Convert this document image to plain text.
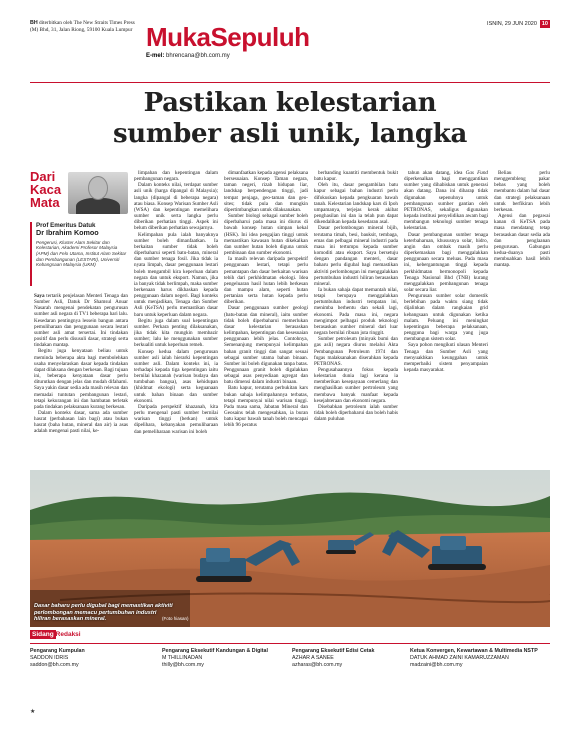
BH diterbitkan oleh The New Straits Times Press (M) Bhd, 31, Jalan Riong, 59100 Kuala Lumpur MukaSepuluh
E-mel: bhrencana@bh.com.my
ISNIN, 29 JUN 2020 10
Pastikan kelestarian
sumber asli unik, langka
Dari
Kaca
Mata
Prof Emeritus Datuk
Dr Ibrahim Komoo
Pengerusi, Kluster Alam Sekitar dan Kelestarian, Akademi Profesor Malaysia (APM) dan Felo Utama, Institut Alam Sekitar dan Pembangunan (LESTARI), Universiti Kebangsaan Malaysia (UKM)

Saya tertarik penjelasan Menteri Tenaga dan Sumber Asli, Datuk Dr Shamsul Anuar Nasarah mengenai pendekatan pengurusan sumber asli negara di TV1 beberapa hari lalu. Kesedaran pentingnya lessein bangun antara pemuliharaan dan penggunaan secara lestari sumber asli amat tersertai. Ini tindakan positif dan perlu disusuli dasar, strategi serta tindakan mantap.

Begitu juga kenyataan beliau untuk meminda beberapa akta bagi membolehkan usaha menyelaraskan dasar kepada tindakan dapat dilaksana dengan berkesan. Bagi tujuan ini, beberapa kenyataan dasar perlu diturutkan dengan jelas dan mudah difahami. Saya yakin dasar sedia ada masih relevan dan memadai tuntutan pembangunan lestari, tetapi kekurangan ini dan hambatan terletak pada tindakan pelaksanaan kurang berkesan.

Dalam konteks dasar, sama ada sumber hasrat (perbahasan lain bagi) atau bukan hasrat (baha hutan, mineral dan air) ia asas adalah mengenai pasti nilai, ke-

limpahan dan kepentingan dalam pembangunan negara.

Dalam konteks nilai, terdapat sumber asli unik (harga dipangal di Malaysia); langka (dipangal di beberapa negara) atau biasa. Konsep Warisan Sumber Asli (WSA) dan kepentingan memelihara sumber unik serta langka perlu diberikan perhatian tinggi. Aspek ini belum diberikan perhatian sewajarnya.

Kelimpahan pula ialah banyaknya sumber boleh dimanfaatkan. Ia berkaitan sumber tidak boleh diperbaharui seperti batu-batan, mineral dan sumber tenaga fosil. Jika tidak ia nyata limpah, dasar penggunaan lestari boleh mengambil kira keperluan dalam negara dan untuk eksport. Namun, jika ia banyak tidak berlimpah, maka sumber berkenaan harus dikhaskan kepada penggunaan dalam negeri. Bagi konteks untuk menjadikan, Tenaga dan Sumber Asli (KeTSA) perlu memastikan dasar baru untuk keperluan dalam negara.

Begitu juga dalam soal kepentingan sumber. Perkara penting dilaksanakan, jika tidak kita mungkin membazir sumber; lalu ke menggunakan sumber berkualiti untuk keperluan remeh.

Konsep kedua dalam pengurusan sumber asli ialah hierarki kepentingan sumber asli. Dalam konteks ini, ia terhadapi kepada tiga kepentingan iaitu bernilai khazanah (warisan budaya dan tumbuhan bangsa), asas kehidupan (khidmat ekologi) serta keguanaan untuk bahan binaan dan sumber ekonomi.

Daripada perspektif khazanah, kita perlu mengenal pasti sumber bernilai warisan tinggi (berkan) untuk dipelihara, kebanyakan pemuliharaan dan pemeliharaan warisan ini boleh

dimanfaatkan kepada agensi pelaksana bersesuaian. Konsep Taman negara, taman negeri, rizab hidupan liar, landskap berpendengan tinggi, jadi tempat penjaga, geo-taman dan geo-sites; tidak pula dan mungkin dipertimbangkan untuk dilaksanakan.

Sumber biologi sebagai sumber boleh diperbaharui pada masa ini diurus di bawah konsep hutan simpan kekal (HSK). Ini idea pengajian tinggi untuk memastikan kawasan hutan dikekalkan dan sumber hutan boleh diguna untuk pembinaan dan sumber ekonomi.

Ia masih relevan daripada perspektif penggunaan lestari, tetapi perlu pemantapan dan dasar berkaitan warisan tebih dari perkhidmatan ekologi. Idea pengeluaran hasil hutan lebih berkesan dan mampu alam, seperti hutan pertanian serta hutan kepada perlu diberikan.

Dasar penggunaan sumber geologi (batu-batan dan mineral), iaitu sumber tidak boleh diperbaharui memerlukan dasar kelestarian berasaskan kelimpahan, kepentingan dan kesesuaian penggunaan lebih jelas. Contohnya, Semenanjung mempunyai kelimpahan bahan granit tinggi dan sangat sesuai sebagai sumber utama bahan binaan. Sumber ini boleh digunakan tanpa batas. Penggunaan granit boleh digalakkan sebagai asas penyediaan agregat dan batu dimensi dalam industri binaan.

Batu kapur, terutama perbukitan kars bukan sahaja kelimpahannya terbatas, tetapi mempunyai nilai warisan tinggi. Pada masa sama, Jabatan Mineral dan Geosains telah mengesahkan, ia buran batu kapur bawah tanah boleh mencapai lebih 96 peratus

berbanding kuantiti membentuk bukit batu kapur.

Oleh itu, dasar pengambilan batu kapur sebagai bahan industri perlu difokuskan kepada pengkuaran bawah tanah. Kelestarian landskap kars di Ipoh umpamanya, terjejas kerak akibat penghasilan ini dan ia telah pun dapat dikendalikan kepada kesedaran asal.

Dasar perlombongan mineral bijih, terutama timah, besi, bauksit, tembaga, emas dan pelbagai mineral industri pada masa ini tertumpu kepada sumber komoditi atau eksport. Saya bersetuju dengan pandangan menteri, dasar baharu perlu digubal bagi memastikan aktiviti perlombongan ini menggalakkan pertumbuhan industri hiliran berasaskan mineral.

Ia bukan sahaja dapat memantah nilai, tetapi berupaya menggalakkan pertumbuhan industri tempatan ini, menimba berhentu dan sekali lagi, ekonomi. Pada masa ini, negara mengimpot pelbagai produk teknologi berasaskan sumber mineral dari luar negara bernilai ribuan juta ringgit.

Sumber petroleum (minyak bumi dan gas asli) negara diurus melalui Akta Pembangunan Petroleum 1974 dan fugas malaksanakan diserahkan kepada PETRONAS.

Pengusahaannya fokus kepada kelestarian dunia lagi kerana ia memberikan kesepayaan cemerlang dan menghasilkan sumber pertroleum yang membawa banyak manfaat kepada kesejahteraan dan ekonomi negara.

Disebabkan petroleum ialah sumber tidak boleh diperbaharui dan boleh habis dalam puluhan

tahun akan datang, idea Gas Fund diperkenalkan bagi menggantikan sumber yang dihabiskan untuk generasi akan datang. Dana ini diharap tidak digunakan sepenuhnya untuk pembangunan sumber gantian oleh PETRONAS, sekaligus digunakan kepada institusi penyelidikan awam bagi membangun teknologi sumber tenaga kelestarian.

Dasar pembangunan sumber tenaga keterbaharuan, khususnya solar, hidro, angin dan ombak masih perlu diperkemaskan bagi menggalakkan penggunaan secara meluas. Pada masa ini, kebergantungan tinggi kepada perkhidmatan bermonopoli kepada Tenaga Nasional Bhd (TNB) kurang menggalakkan pembangunan tenaga solar secara liar.

Pengurusan sumber solar domestik berlebihan pada waktu siang tidak dijalinkan dalam rangkaian grid kebangsaan untuk digunakan ketika malam. Peluang ini meningkat kepentingan beberapa pelaksanaan, pengguna bagi warga yang juga membangun sistem solar.

Saya pohon mengikuti ulasan Menteri Tenaga dan Sumber Asli yang menyuakhkan keunggahan untuk memperbaiki sistem penyampaian kepada masyarakat.

Beliau perlu menggembleng pakar bebas yang boleh membantu dalam hal dasar dan strategi pelaksanaan untuk berfikiran lebih berkesan.

Agensi dan pegawai kanan di KeTSA pada masa mendatang tetap berasaskan dasar sedia ada dan penglaanan pengurusan. Gabungan kedua-duanya pasti membuahkan hasil lebih mantap.

Dasar baharu perlu digubal bagi memastikan aktiviti perlombongan memacu pertumbuhan industri hiliran berasaskan mineral.	(Foto hiasan)
Sidang Redaksi
Pengarang Kumpulan
SADDON IDRIS
saddon@bh.com.my
Pengarang Eksekutif Kandungan & Digital
M THILLINADAN
thilly@bh.com.my
Pengarang Eksekutif Edisi Cetak
AZHAR A SANEE
azharas@bh.com.my
Ketua Konvergen, Kewartawan & Multimedia NSTP
DATUK AHMAD ZAINI KAMARUZZAMAN
madzaini@bh.com.my
★
